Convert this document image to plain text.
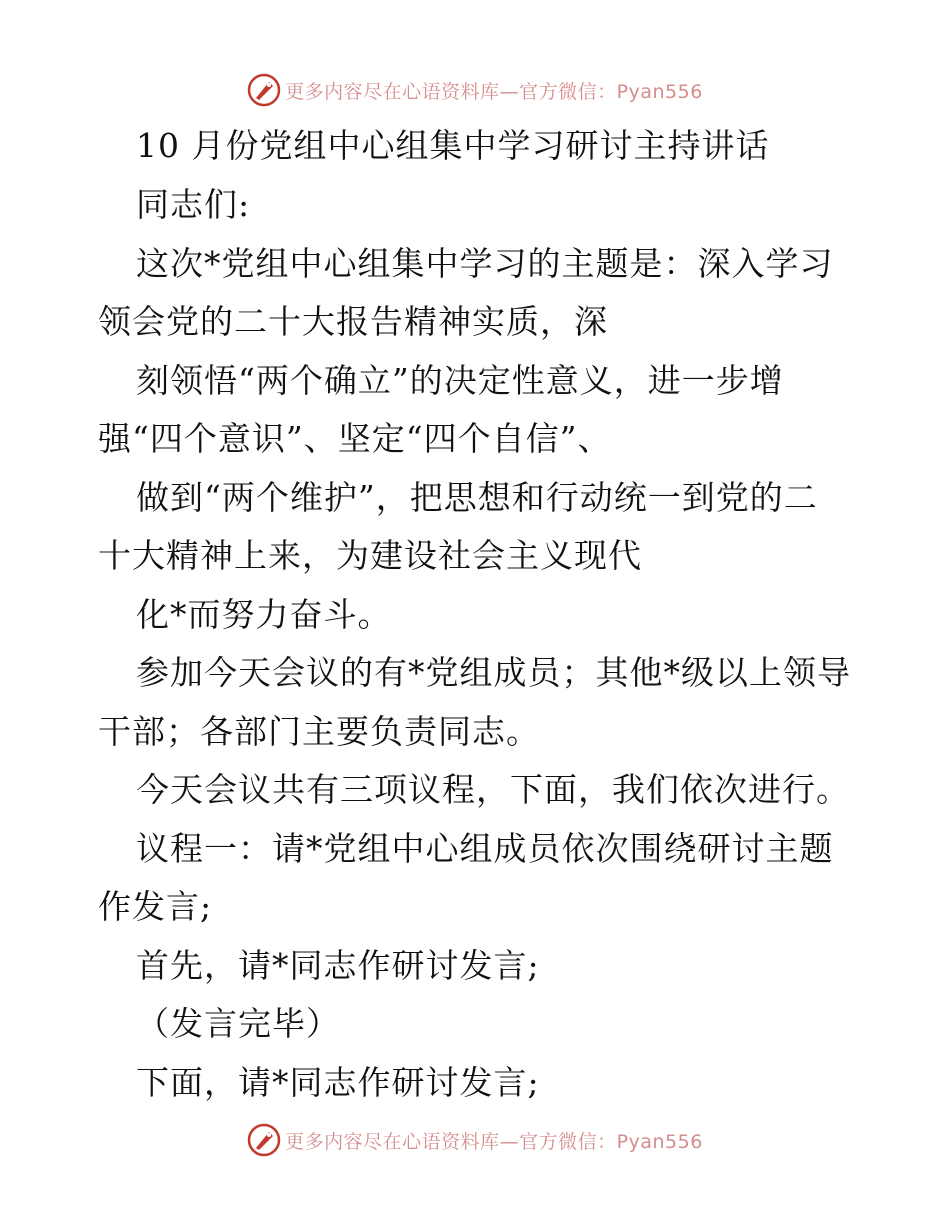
更多内容尽在心语资料库—官方微信：Pyan556
10 月份党组中心组集中学习研讨主持讲话
同志们:
这次*党组中心组集中学习的主题是：深入学习
领会党的二十大报告精神实质，深
刻领悟“两个确立”的决定性意义，进一步增
强“四个意识”、坚定“四个自信”、
做到“两个维护”，把思想和行动统一到党的二
十大精神上来，为建设社会主义现代
化*而努力奋斗。
参加今天会议的有*党组成员；其他*级以上领导
干部；各部门主要负责同志。
今天会议共有三项议程，下面，我们依次进行。
议程一：请*党组中心组成员依次围绕研讨主题
作发言;
首先，请*同志作研讨发言;
（发言完毕）
下面，请*同志作研讨发言;
更多内容尽在心语资料库—官方微信：Pyan556
